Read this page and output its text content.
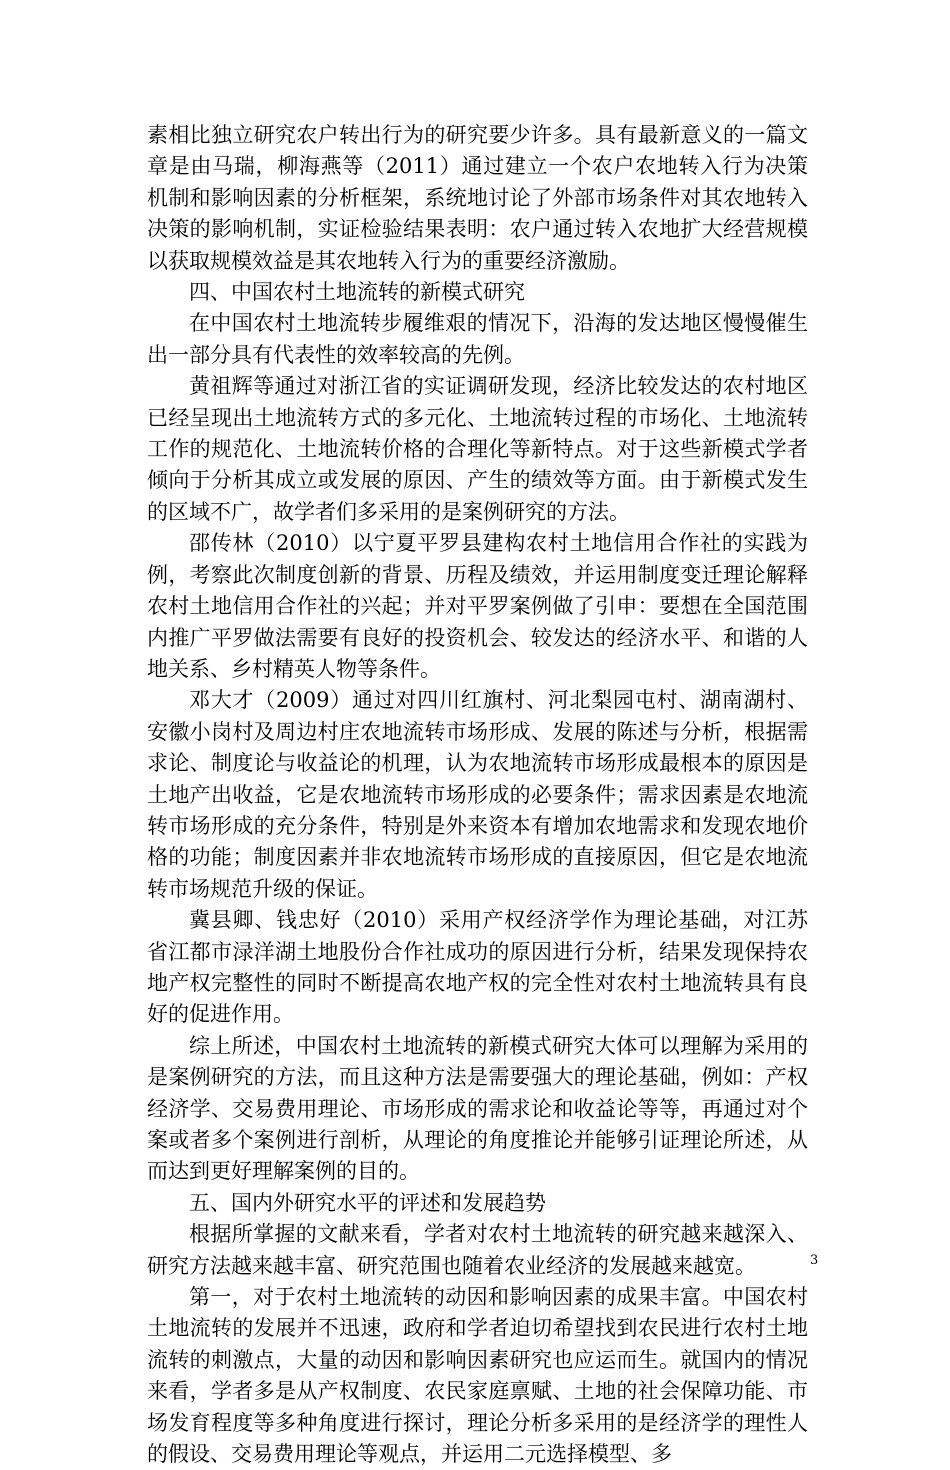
素相比独立研究农户转出行为的研究要少许多。具有最新意义的一篇文章是由马瑞，柳海燕等（2011）通过建立一个农户农地转入行为决策机制和影响因素的分析框架，系统地讨论了外部市场条件对其农地转入决策的影响机制，实证检验结果表明：农户通过转入农地扩大经营规模以获取规模效益是其农地转入行为的重要经济激励。

四、中国农村土地流转的新模式研究

在中国农村土地流转步履维艰的情况下，沿海的发达地区慢慢催生出一部分具有代表性的效率较高的先例。

黄祖辉等通过对浙江省的实证调研发现，经济比较发达的农村地区已经呈现出土地流转方式的多元化、土地流转过程的市场化、土地流转工作的规范化、土地流转价格的合理化等新特点。对于这些新模式学者倾向于分析其成立或发展的原因、产生的绩效等方面。由于新模式发生的区域不广，故学者们多采用的是案例研究的方法。

邵传林（2010）以宁夏平罗县建构农村土地信用合作社的实践为例，考察此次制度创新的背景、历程及绩效，并运用制度变迁理论解释农村土地信用合作社的兴起；并对平罗案例做了引申：要想在全国范围内推广平罗做法需要有良好的投资机会、较发达的经济水平、和谐的人地关系、乡村精英人物等条件。

邓大才（2009）通过对四川红旗村、河北梨园屯村、湖南湖村、安徽小岗村及周边村庄农地流转市场形成、发展的陈述与分析，根据需求论、制度论与收益论的机理，认为农地流转市场形成最根本的原因是土地产出收益，它是农地流转市场形成的必要条件；需求因素是农地流转市场形成的充分条件，特别是外来资本有增加农地需求和发现农地价格的功能；制度因素并非农地流转市场形成的直接原因，但它是农地流转市场规范升级的保证。

冀县卿、钱忠好（2010）采用产权经济学作为理论基础，对江苏省江都市渌洋湖土地股份合作社成功的原因进行分析，结果发现保持农地产权完整性的同时不断提高农地产权的完全性对农村土地流转具有良好的促进作用。

综上所述，中国农村土地流转的新模式研究大体可以理解为采用的是案例研究的方法，而且这种方法是需要强大的理论基础，例如：产权经济学、交易费用理论、市场形成的需求论和收益论等等，再通过对个案或者多个案例进行剖析，从理论的角度推论并能够引证理论所述，从而达到更好理解案例的目的。

五、国内外研究水平的评述和发展趋势

根据所掌握的文献来看，学者对农村土地流转的研究越来越深入、研究方法越来越丰富、研究范围也随着农业经济的发展越来越宽。

第一，对于农村土地流转的动因和影响因素的成果丰富。中国农村土地流转的发展并不迅速，政府和学者迫切希望找到农民进行农村土地流转的刺激点，大量的动因和影响因素研究也应运而生。就国内的情况来看，学者多是从产权制度、农民家庭禀赋、土地的社会保障功能、市场发育程度等多种角度进行探讨，理论分析多采用的是经济学的理性人的假设、交易费用理论等观点，并运用二元选择模型、多

3
